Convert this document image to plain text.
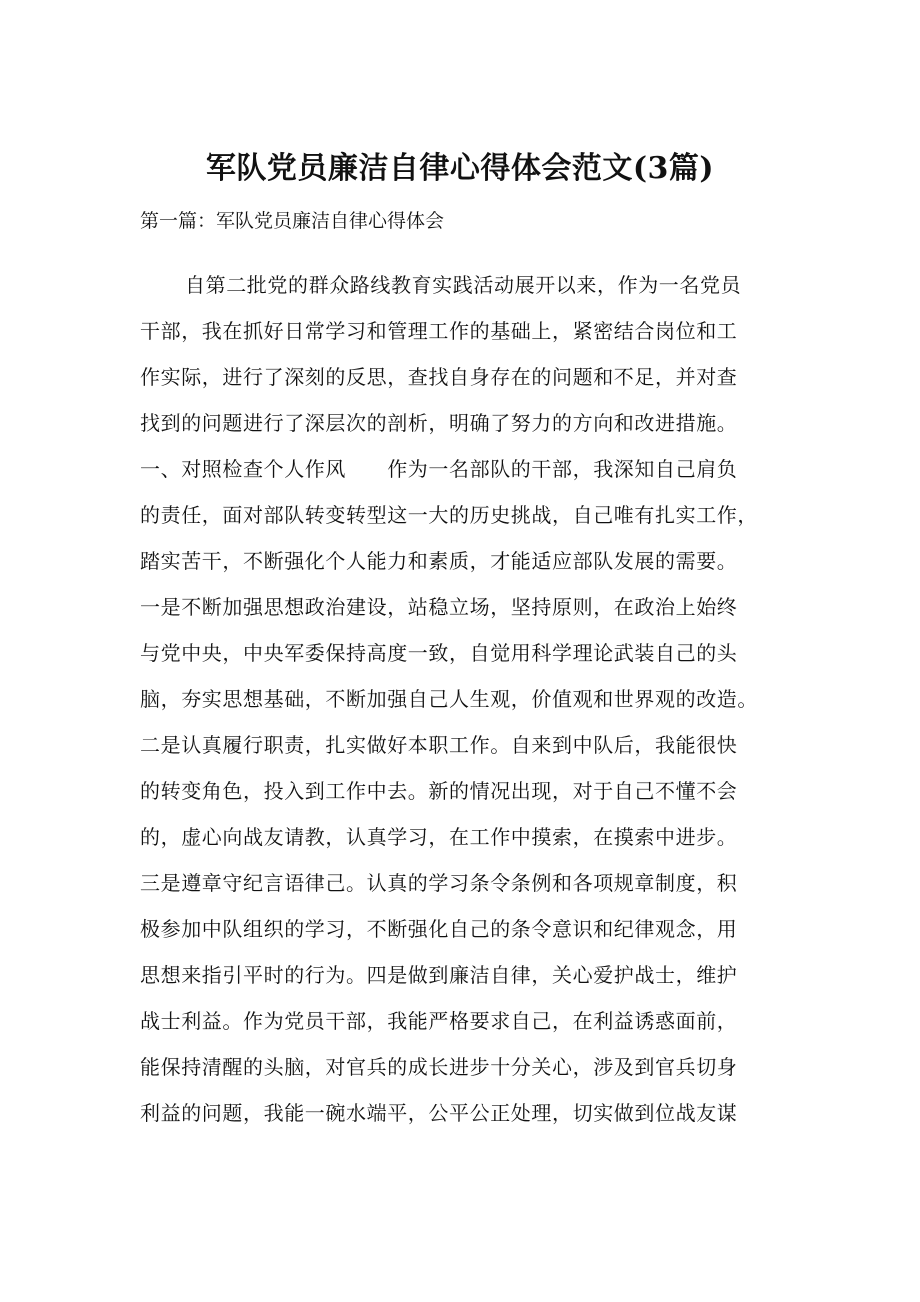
军队党员廉洁自律心得体会范文(3篇)
第一篇：军队党员廉洁自律心得体会
自第二批党的群众路线教育实践活动展开以来，作为一名党员
干部，我在抓好日常学习和管理工作的基础上，紧密结合岗位和工
作实际，进行了深刻的反思，查找自身存在的问题和不足，并对查
找到的问题进行了深层次的剖析，明确了努力的方向和改进措施。
一、对照检查个人作风　　作为一名部队的干部，我深知自己肩负
的责任，面对部队转变转型这一大的历史挑战，自己唯有扎实工作，
踏实苦干，不断强化个人能力和素质，才能适应部队发展的需要。
一是不断加强思想政治建设，站稳立场，坚持原则，在政治上始终
与党中央，中央军委保持高度一致，自觉用科学理论武装自己的头
脑，夯实思想基础，不断加强自己人生观，价值观和世界观的改造。
二是认真履行职责，扎实做好本职工作。自来到中队后，我能很快
的转变角色，投入到工作中去。新的情况出现，对于自己不懂不会
的，虚心向战友请教，认真学习，在工作中摸索，在摸索中进步。
三是遵章守纪言语律己。认真的学习条令条例和各项规章制度，积
极参加中队组织的学习，不断强化自己的条令意识和纪律观念，用
思想来指引平时的行为。四是做到廉洁自律，关心爱护战士，维护
战士利益。作为党员干部，我能严格要求自己，在利益诱惑面前，
能保持清醒的头脑，对官兵的成长进步十分关心，涉及到官兵切身
利益的问题，我能一碗水端平，公平公正处理，切实做到位战友谋
